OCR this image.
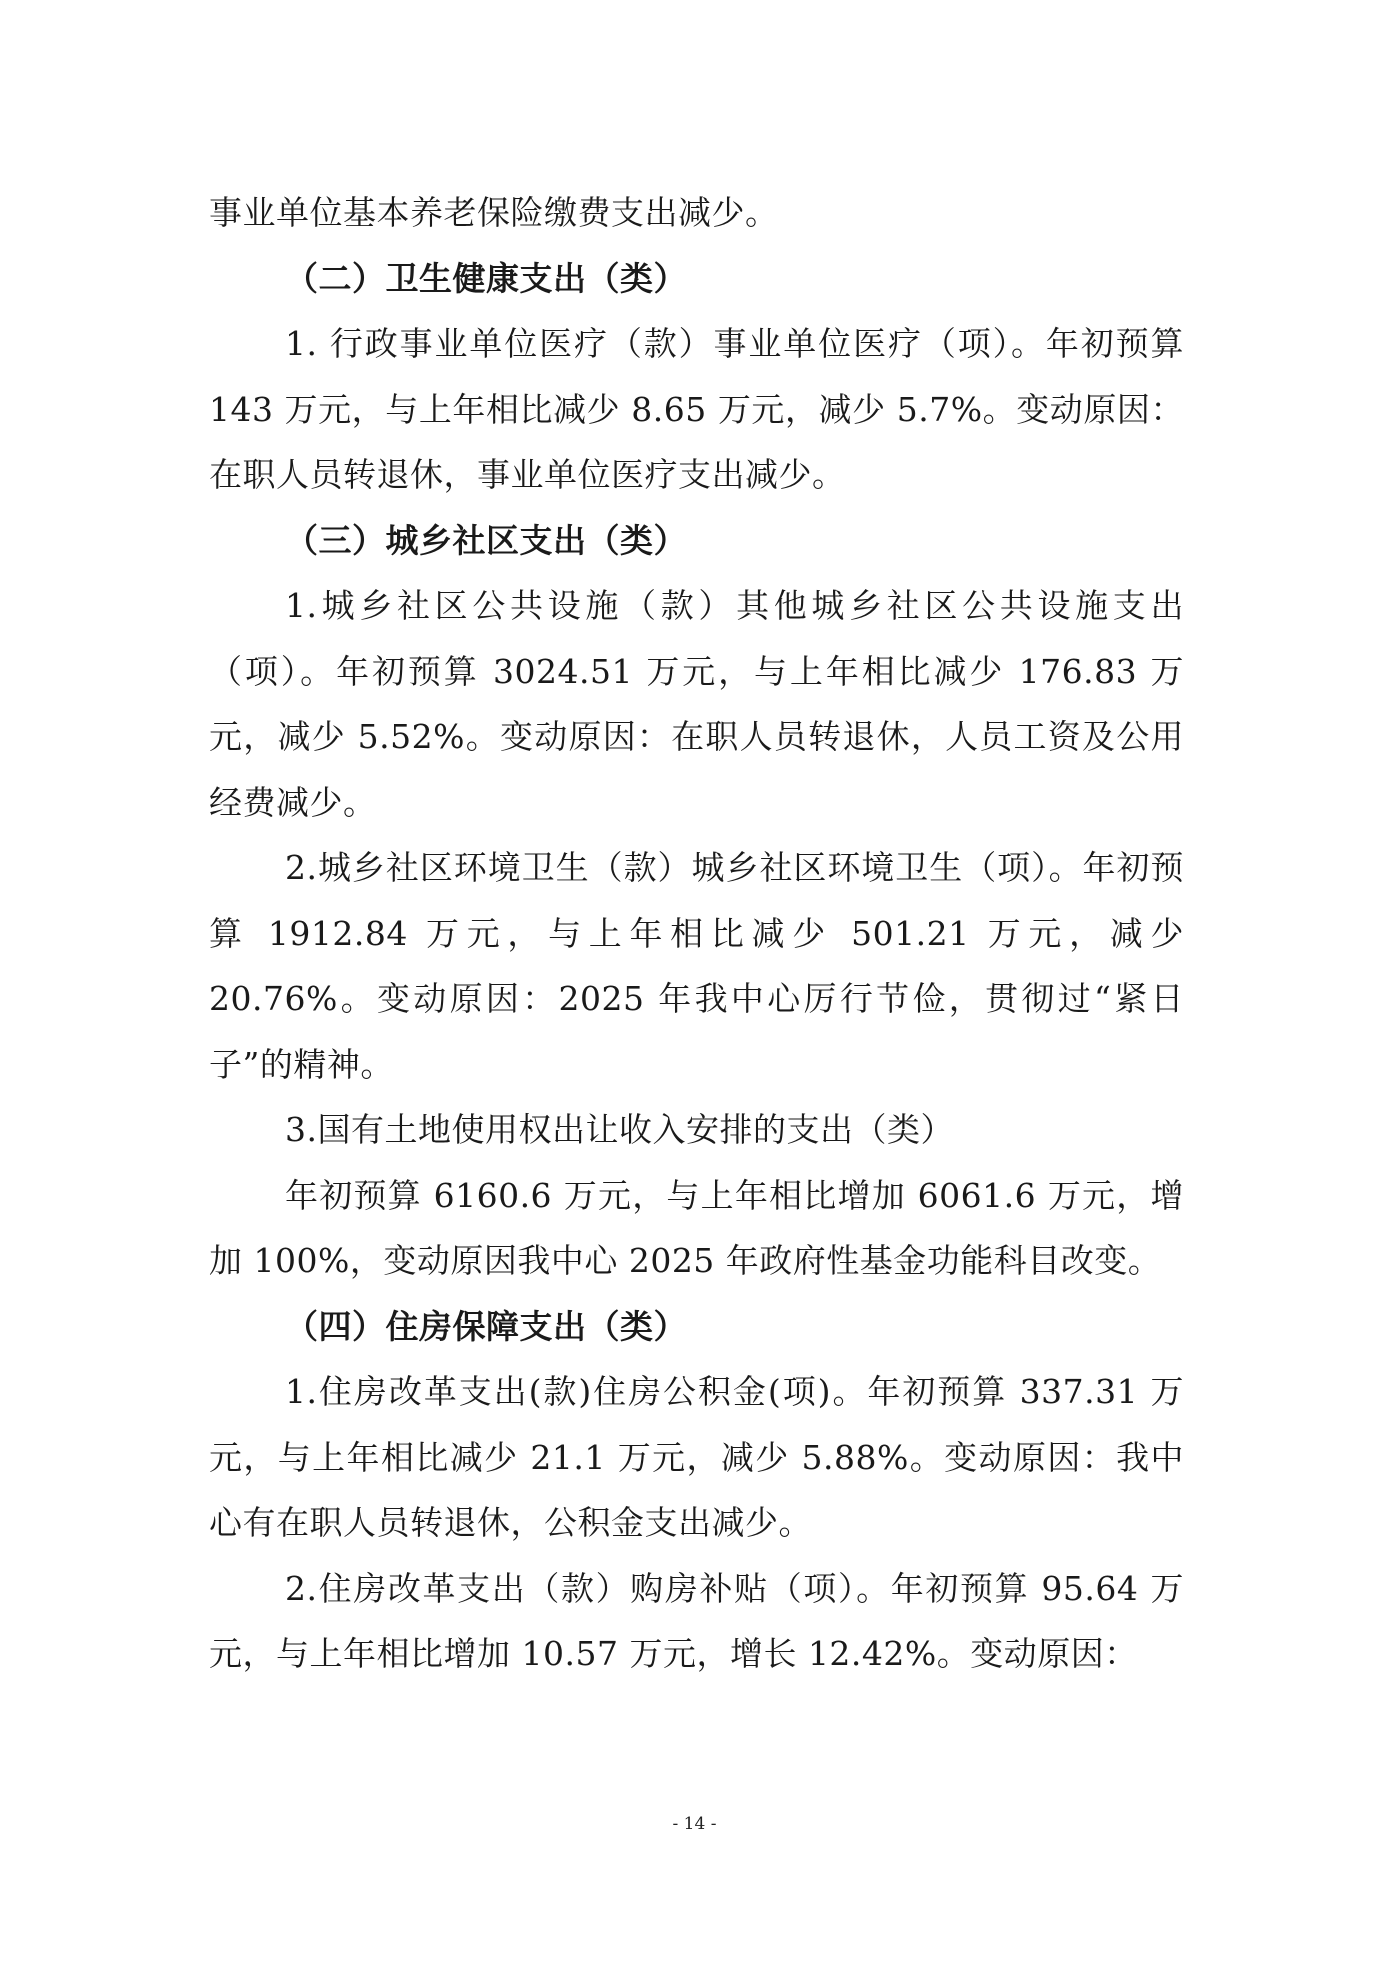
事业单位基本养老保险缴费支出减少。

（二）卫生健康支出（类）

1. 行政事业单位医疗（款）事业单位医疗（项）。年初预算 143 万元，与上年相比减少 8.65 万元，减少 5.7%。变动原因：在职人员转退休，事业单位医疗支出减少。

（三）城乡社区支出（类）

1.城乡社区公共设施（款）其他城乡社区公共设施支出（项）。年初预算 3024.51 万元，与上年相比减少 176.83 万元，减少 5.52%。变动原因：在职人员转退休，人员工资及公用经费减少。

2.城乡社区环境卫生（款）城乡社区环境卫生（项）。年初预算 1912.84 万元，与上年相比减少 501.21 万元，减少 20.76%。变动原因：2025 年我中心厉行节俭，贯彻过“紧日子”的精神。

3.国有土地使用权出让收入安排的支出（类）

年初预算 6160.6 万元，与上年相比增加 6061.6 万元，增加 100%，变动原因我中心 2025 年政府性基金功能科目改变。

（四）住房保障支出（类）

1.住房改革支出(款)住房公积金(项)。年初预算 337.31 万元，与上年相比减少 21.1 万元，减少 5.88%。变动原因：我中心有在职人员转退休，公积金支出减少。

2.住房改革支出（款）购房补贴（项）。年初预算 95.64 万元，与上年相比增加 10.57 万元，增长 12.42%。变动原因：

- 14 -
